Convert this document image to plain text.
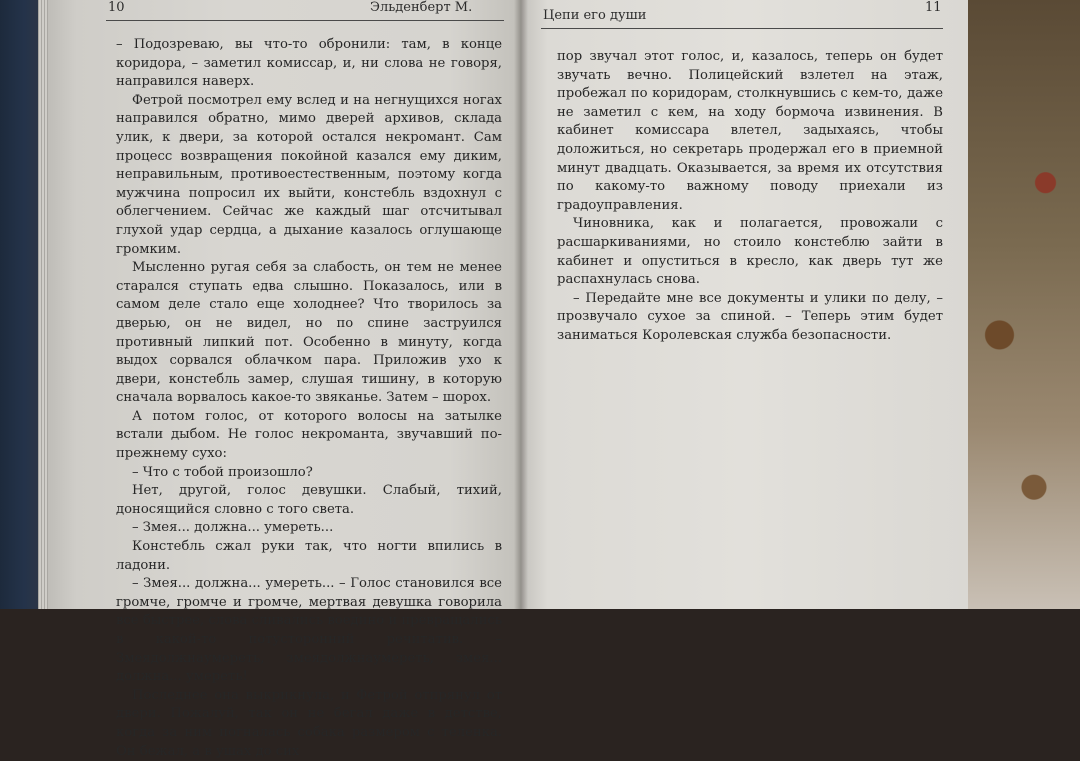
10	Эльденберт М.

– Подозреваю, вы что-то обронили: там, в конце коридора, – заметил комиссар, и, ни слова не говоря, направился наверх.

Фетрой посмотрел ему вслед и на негнущихся ногах направился обратно, мимо дверей архивов, склада улик, к двери, за которой остался некромант. Сам процесс возвращения покойной казался ему диким, неправильным, противоестественным, поэтому когда мужчина попросил их выйти, констебль вздохнул с облегчением. Сейчас же каждый шаг отсчитывал глухой удар сердца, а дыхание казалось оглушающе громким.

Мысленно ругая себя за слабость, он тем не менее старался ступать едва слышно. Показалось, или в самом деле стало еще холоднее? Что творилось за дверью, он не видел, но по спине заструился противный липкий пот. Особенно в минуту, когда выдох сорвался облачком пара. Приложив ухо к двери, констебль замер, слушая тишину, в которую сначала ворвалось какое-то звяканье. Затем – шорох.

А потом голос, от которого волосы на затылке встали дыбом. Не голос некроманта, звучавший по-прежнему сухо:

– Что с тобой произошло?

Нет, другой, голос девушки. Слабый, тихий, доносящийся словно с того света.

– Змея... должна... умереть...

Констебль сжал руки так, что ногти впились в ладони.

– Змея... должна... умереть... – Голос становился все громче, громче и громче, мертвая девушка говорила все быстрее, слова сливались воедино и превращались в какой-то потусторонний речитатив. – Змеядолжнаумереть, змеядолжнаумереть, змея... должна... умереть!

Последнее она выкрикнула, и Фетрой отпрянул от двери. Пожалуй, так он не бегал даже в детстве, когда за ним погналась собака размером с теленка. Он бежал, а в ушах до сих

Цепи его души
11

пор звучал этот голос, и, казалось, теперь он будет звучать вечно. Полицейский взлетел на этаж, пробежал по коридорам, столкнувшись с кем-то, даже не заметил с кем, на ходу бормоча извинения. В кабинет комиссара влетел, задыхаясь, чтобы доложиться, но секретарь продержал его в приемной минут двадцать. Оказывается, за время их отсутствия по какому-то важному поводу приехали из градоуправления.

Чиновника, как и полагается, провожали с расшаркиваниями, но стоило констеблю зайти в кабинет и опуститься в кресло, как дверь тут же распахнулась снова.

– Передайте мне все документы и улики по делу, – прозвучало сухое за спиной. – Теперь этим будет заниматься Королевская служба безопасности.
